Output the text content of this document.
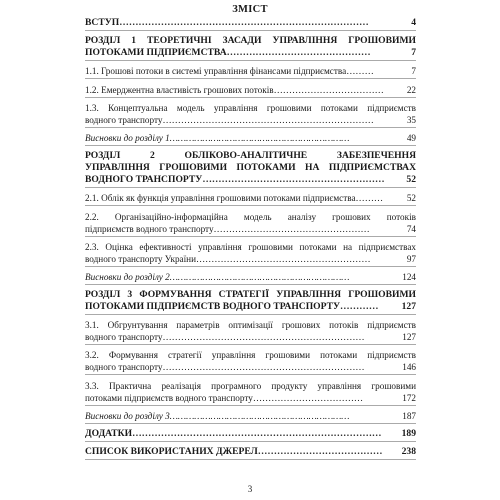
ЗМІСТ
ВСТУП……………………………………………………………………	4
РОЗДІЛ 1 ТЕОРЕТИЧНІ ЗАСАДИ УПРАВЛІННЯ ГРОШОВИМИ
ПОТОКАМИ ПІДПРИЄМСТВА………………………………………	7
1.1. Грошові потоки в системі управління фінансами підприємства………	7
1.2. Емерджентна властивість грошових потоків………………………………	22
1.3. Концептуальна модель управління грошовими потоками підприємств
водного транспорту……………………………………………………………	35
Висновки до розділу 1…………………………………………………………	49
РОЗДІЛ 2 ОБЛІКОВО-АНАЛІТИЧНЕ ЗАБЕЗПЕЧЕННЯ
УПРАВЛІННЯ ГРОШОВИМИ ПОТОКАМИ НА ПІДПРИЄМСТВАХ
ВОДНОГО ТРАНСПОРТУ…………………………………………………	52
2.1. Облік як функція управління грошовими потоками підприємства………	52
2.2. Організаційно-інформаційна модель аналізу грошових потоків
підприємств водного транспорту……………………………………………	74
2.3. Оцінка ефективності управління грошовими потоками на підприємствах
водного транспорту України…………………………………………………	97
Висновки до розділу 2…………………………………………………………	124
РОЗДІЛ 3 ФОРМУВАННЯ СТРАТЕГІЇ УПРАВЛІННЯ ГРОШОВИМИ
ПОТОКАМИ ПІДПРИЄМСТВ ВОДНОГО ТРАНСПОРТУ…………	127
3.1. Обгрунтування параметрів оптимізації грошових потоків підприємств
водного транспорту…………………………………………………………	127
3.2. Формування стратегії управління грошовими потоками підприємств
водного транспорту…………………………………………………………	146
3.3. Практична реалізація програмного продукту управління грошовими
потоками підприємств водного транспорту………………………………	172
Висновки до розділу 3…………………………………………………………	187
ДОДАТКИ……………………………………………………………………	189
СПИСОК ВИКОРИСТАНИХ ДЖЕРЕЛ…………………………………	238
3
